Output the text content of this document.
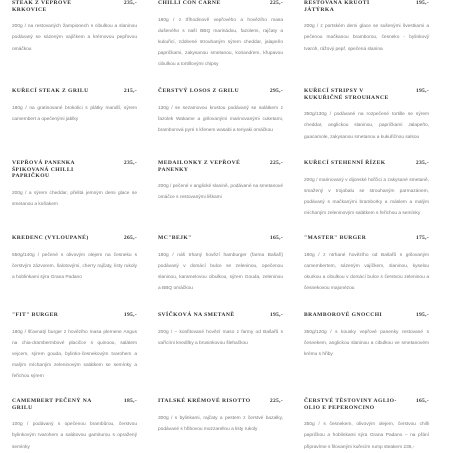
STEAK Z VEPŘOVÉ KRKOVICE
235,-
200g / na restovaných žampionech s cibulkou a slaninou podávaný se sázeným vajíčkem a krémovou pepřovou omáčkou
KUŘECÍ STEAK Z GRILU	215,-
180g / na gratinované brokolici s plátky mandlí, sýrem camembert a opečenými jablky
VEPŘOVÁ PANENKA ŠPIKOVANÁ CHILLI PAPRIČKOU
235,-
200g / a sýrem cheddar, přelitá jemným demi glace se smetanou a koňakem
KREDENC (VYLOUPANÉ)	265,-
550g/140g / pečené s olivovým olejem na česneku s čerstvým zázvorem, šalotovými, cherry rajčaty, listy rukoly a hoblinkami sýra Grana Padano
"FIT" BURGER	195,-
180g / šťavnatý burger z hovězího masa plemene Angus na chia-drambermbové placičce s quinoou, salátem vejcem, sýrem gouda, bylinko-česnekovým tvarohem a malým míchaným zeleninovým salátkem se semínky a řeřichou sýrem
CAMEMBERT PEČENÝ NA GRILU
185,-
100g / podávaný s opečenou brambůrou, čerstvou bylinkovým tvarohem a salátovou garniturou s opražený semínky
CHILLI CON CARNE	225,-
180g / z tříhodinově vepřového a hovězího masa dušeného s naší BBQ marinádou, fazolemi, rajčaty a kukuřicí, zdobené strouhaným sýrem cheddar, jalapeňo papričkami, zakysanou smetanou, koriandrem, křupavou cibulkou a tortillovými chipsy
ČERSTVÝ LOSOS Z GRILU	295,-
130g / se sezamovou krustou podávaný se salátkem z fazolek Wakame a grilovanými marinovanými cuketami, bramborová pyré s křenem wasabi a teriyaki omáčkou
MEDAILONKY Z VEPŘOVÉ PANENKY
225,-
200g / pečené v anglické slanině, podávané na smetanové omáčce s restovanými liškami
MC"BEJK"	165,-
180g / náš trhaný hovězí hamburger (farma Bašaři) podávaný v domácí bulce se zeleninou, opečenou slaninou, karamelovou cibulkou, sýrem Gouda, zeleninou a BBQ omáčkou
SVÍČKOVÁ NA SMETANĚ	195,-
200g / – konfitované hovězí maso z farmy od Bašařů s vařícími knedlíky a brusinkovou šlehačkou
ITALSKÉ KRÉMOVÉ RISOTTO	225,-
300g / s bylinkami, rajčaty a pestem z čerstvé bazalky, podávané s hřibovou mozzarellou a listy rukoly
RESTOVANÁ KRUOTÍ JÁTÝRKA
195,-
200g / z portském demi glace se sušenými švestkami a pečenou mačkanou bramborou, česneko - bylinkový tvaroh, rážový pepř, opečená slanina
KUŘECÍ STRIPSY V KUKUŘIČNÉ STROUHANCE
195,-
350g/130g / podávané na rozpečené tortille se sýrem cheddar, anglickou slaninou, papričkami Jalapeño, guacamole, zakysanou smetanou a kukuřičnou salsou
KUŘECÍ STEHENNÍ ŘÍZEK	235,-
200g / marinovaný v dijonské hořčici a zakysané smetaně, smažený v trojobalu se strouhaným parmazánem, podávaný s mačkanými bramborky a máslem a malým míchaným zeleninovým salátkem s řeřichou a semínky
"MASTER" BURGER	175,-
180g / z ntrhané hovězího od Bašařů s grilovaným camembertem, sázeným vajíčkem, slaninou, kyselou okurkou a cibulkou v domácí bulce s čerstvou zeleninou a česnekovou majonézou
BRAMBOROVÉ GNOCCHI	195,-
350g/120g / s kousky vepřové panenky restované s česnekem, anglickou slaninou a cibulkou ve smetanovém krému s hřiby
ČERSTVÉ TĚSTOVINY AGLIO-OLIO E PEPERONCINO
165,-
350g / s česnekem, olivovým olejem, čerstvou chilli papričkou a hoblinkami sýra Grana Padano – na přání připravíme s filovaným kuřecím rump steakem 235,-
